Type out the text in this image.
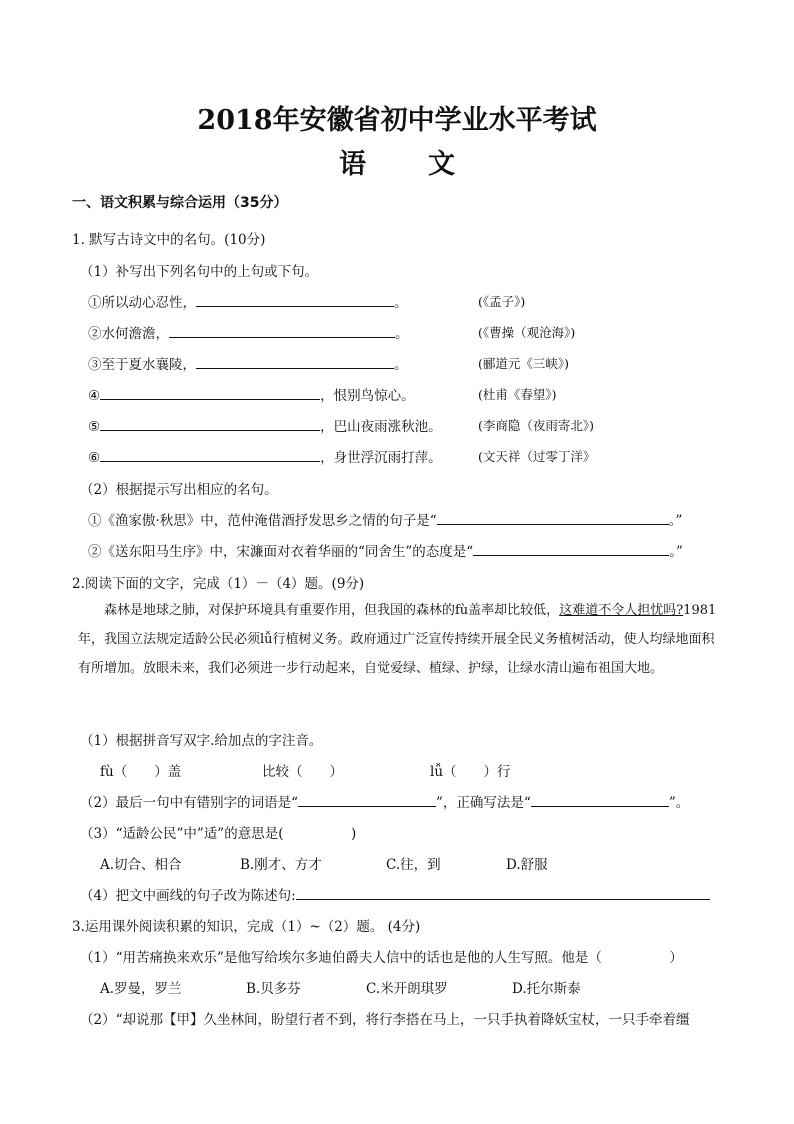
2018年安徽省初中学业水平考试
语 文
一、语文积累与综合运用（35分）
1. 默写古诗文中的名句。(10分)
（1）补写出下列名句中的上句或下句。
①所以动心忍性，	。	(《孟子》)
②水何澹澹，	。	(《曹操（观沧海》)
③至于夏水襄陵，	。	(郦道元《三峡》)
④	，恨别鸟惊心。	(杜甫《春望》)
⑤	，巴山夜雨涨秋池。	(李商隐（夜雨寄北》)
⑥	，身世浮沉雨打萍。	(文天祥（过零丁洋》
（2）根据提示写出相应的名句。
①《渔家傲·秋思》中，范仲淹借酒抒发思乡之情的句子是“	。”
②《送东阳马生序》中，宋濂面对衣着华丽的“同舍生”的态度是“	。”
2.阅读下面的文字，完成（1）－（4）题。(9分)
森林是地球之肺，对保护环境具有重要作用，但我国的森林的fù盖率却比较低，这难道不令人担忧吗?1981年，我国立法规定适龄公民必须lǚ行植树义务。政府通过广泛宣传持续开展全民义务植树活动，使人均绿地面积有所增加。放眼未来，我们必须进一步行动起来，自觉爱绿、植绿、护绿，让绿水清山遍布祖国大地。
（1）根据拼音写双字.给加点的字注音。
fù（　　）盖	比较（　　）	lǚ（　　）行
（2）最后一句中有错别字的词语是“	”，正确写法是“	”。
（3）“适龄公民”中”适”的意思是(　　　　　)
A.切合、相合	B.刚才、方才	C.往，到	D.舒服
（4）把文中画线的句子改为陈述句:
3.运用课外阅读积累的知识，完成（1）~（2）题。 (4分)
（1）“用苦痛换来欢乐”是他写给埃尔多迪伯爵夫人信中的话也是他的人生写照。他是（　　　　　）
A.罗曼，罗兰	B.贝多芬	C.米开朗琪罗	D.托尔斯泰
（2）“却说那【甲】久坐林间，盼望行者不到，将行李搭在马上，一只手执着降妖宝杖，一只手牵着缰
